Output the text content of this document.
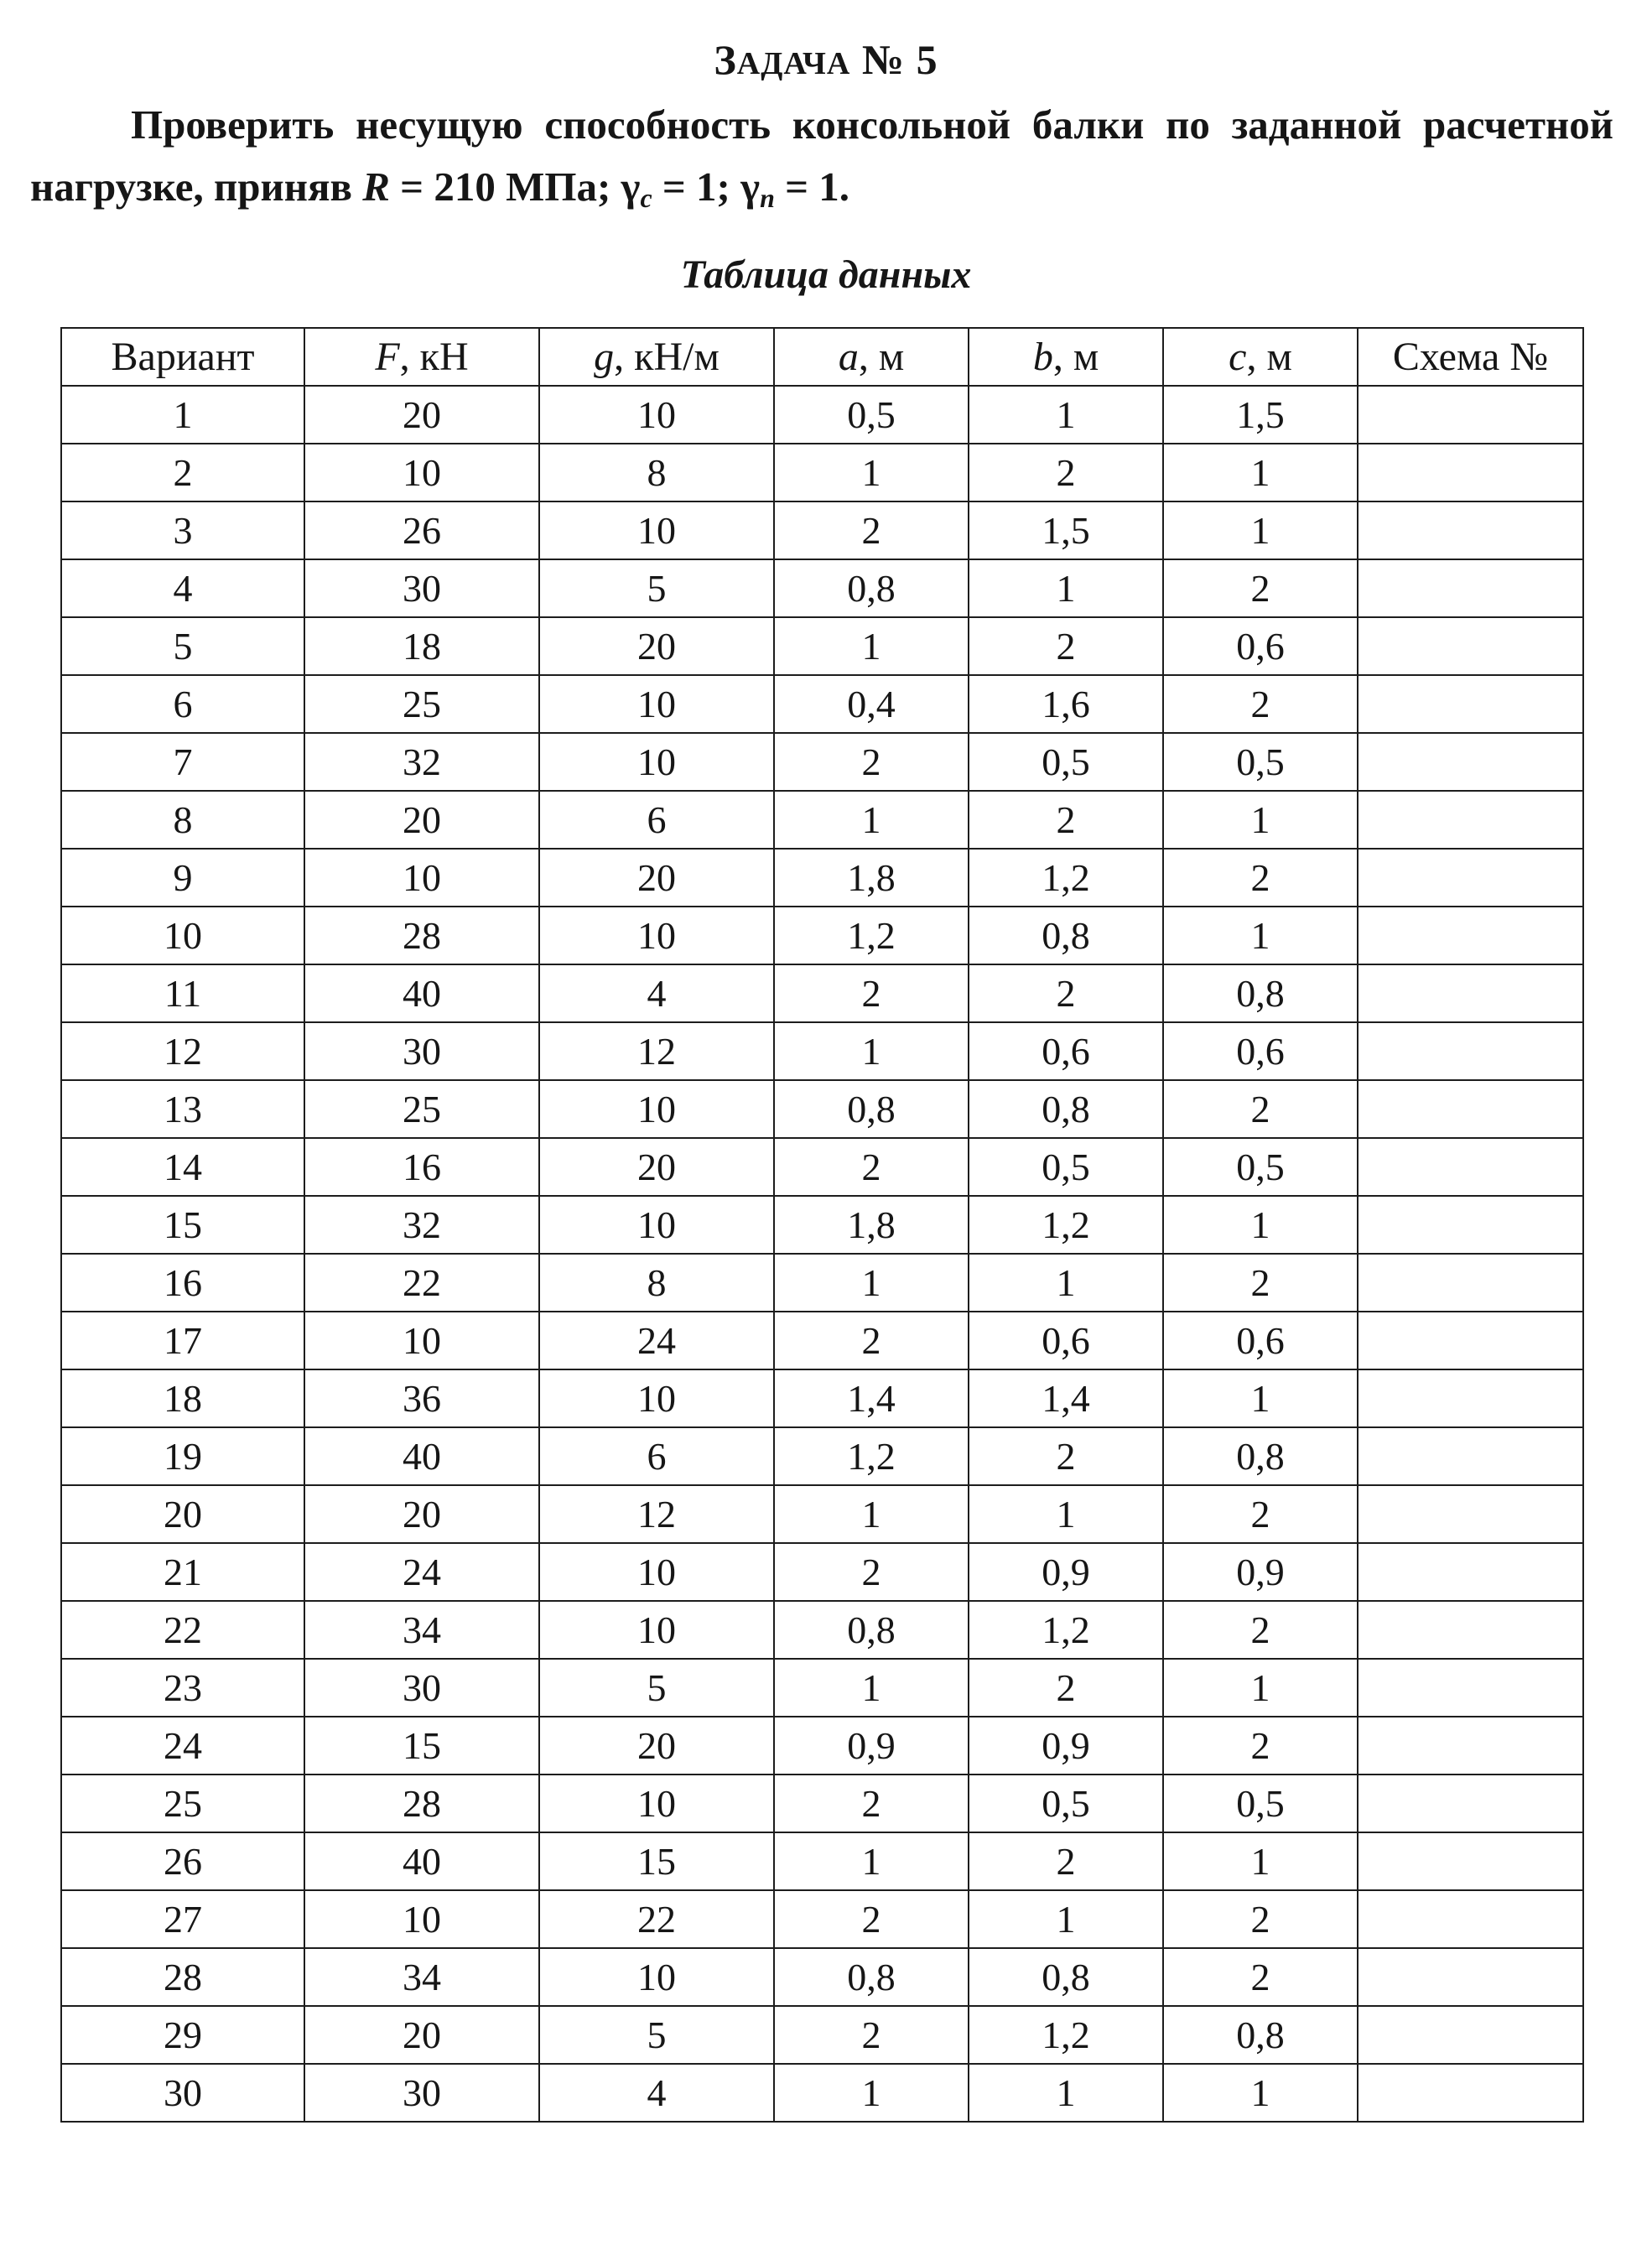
ЗАДАЧА № 5
Проверить несущую способность консольной балки по заданной расчетной нагрузке, приняв R = 210 МПа; $\gamma_c = 1$; $\gamma_n = 1$.
Таблица данных
Вариант	F, кН	g, кН/м	a, м	b, м	c, м	Схема №
1	20	10	0,5	1	1,5	
2	10	8	1	2	1	
3	26	10	2	1,5	1	
4	30	5	0,8	1	2	
5	18	20	1	2	0,6	
6	25	10	0,4	1,6	2	
7	32	10	2	0,5	0,5	
8	20	6	1	2	1	
9	10	20	1,8	1,2	2	
10	28	10	1,2	0,8	1	
11	40	4	2	2	0,8	
12	30	12	1	0,6	0,6	
13	25	10	0,8	0,8	2	
14	16	20	2	0,5	0,5	
15	32	10	1,8	1,2	1	
16	22	8	1	1	2	
17	10	24	2	0,6	0,6	
18	36	10	1,4	1,4	1	
19	40	6	1,2	2	0,8	
20	20	12	1	1	2	
21	24	10	2	0,9	0,9	
22	34	10	0,8	1,2	2	
23	30	5	1	2	1	
24	15	20	0,9	0,9	2	
25	28	10	2	0,5	0,5	
26	40	15	1	2	1	
27	10	22	2	1	2	
28	34	10	0,8	0,8	2	
29	20	5	2	1,2	0,8	
30	30	4	1	1	1	
